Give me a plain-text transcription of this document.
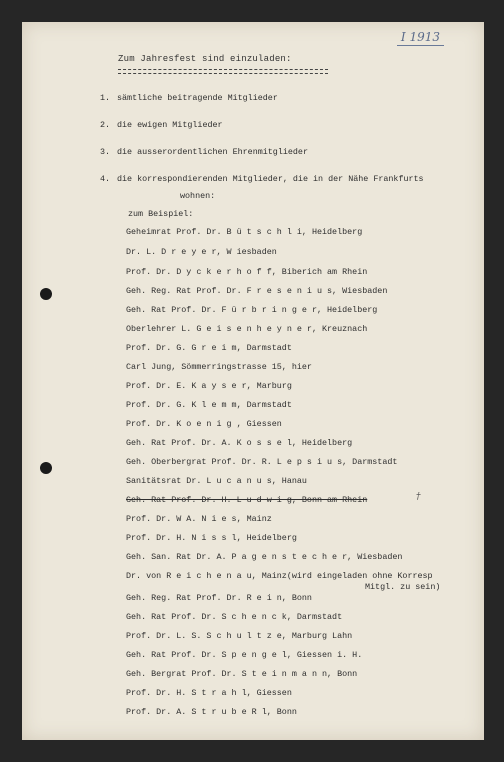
I 1913
Zum Jahresfest sind einzuladen:
1. sämtliche beitragende Mitglieder
2. die ewigen Mitglieder
3. die ausserordentlichen Ehrenmitglieder
4. die korrespondierenden Mitglieder, die in der Nähe Frankfurts
wohnen:
zum Beispiel:
Geheimrat Prof. Dr. B ü t s c h l i, Heidelberg
Dr. L. D r e y e r, W iesbaden
Prof. Dr. D y c k e r h o f f, Biberich am Rhein
Geh. Reg. Rat Prof. Dr. F r e s e n i u s, Wiesbaden
Geh. Rat Prof. Dr. F ü r b r i n g e r, Heidelberg
Oberlehrer L. G e i s e n h e y n e r, Kreuznach
Prof. Dr. G. G r e i m, Darmstadt
Carl Jung, Sömmerringstrasse 15, hier
Prof. Dr. E. K a y s e r, Marburg
Prof. Dr. G. K l e m m, Darmstadt
Prof. Dr. K o e n i g , Giessen
Geh. Rat Prof. Dr. A. K o s s e l, Heidelberg
Geh. Oberbergrat Prof. Dr. R. L e p s i u s, Darmstadt
Sanitätsrat Dr. L u c a n u s, Hanau
Geh. Rat Prof. Dr. H. L u d w i g, Bonn am Rhein	†
Prof. Dr. W A. N i e s, Mainz
Prof. Dr. H. N i s s l, Heidelberg
Geh. San. Rat Dr. A. P a g e n s t e c h e r, Wiesbaden
Dr. von R e i c h e n a u, Mainz(wird eingeladen ohne Korresp
Geh. Reg. Rat Prof. Dr. R e i n, Bonn
Mitgl. zu sein)
Geh. Rat Prof. Dr. S c h e n c k, Darmstadt
Prof. Dr. L. S. S c h u l t z e, Marburg Lahn
Geh. Rat Prof. Dr. S p e n g e l, Giessen i. H.
Geh. Bergrat Prof. Dr. S t e i n m a n n, Bonn
Prof. Dr. H. S t r a h l, Giessen
Prof. Dr. A. S t r u b e R l, Bonn
